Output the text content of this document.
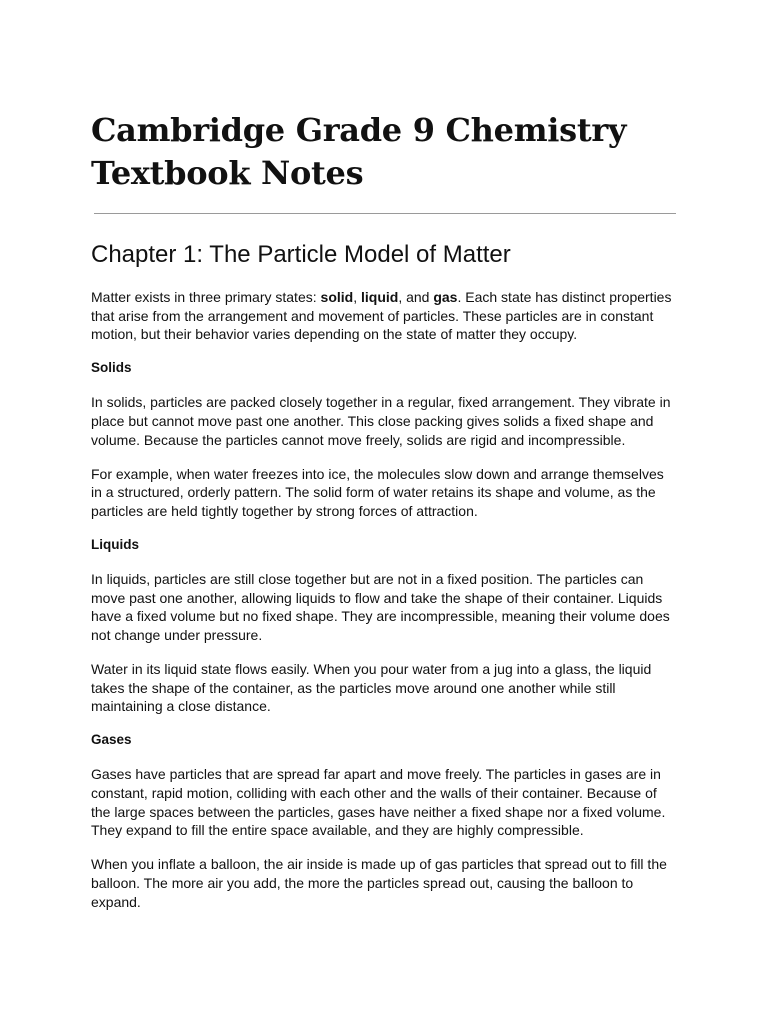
Cambridge Grade 9 Chemistry
Textbook Notes
Chapter 1: The Particle Model of Matter

Matter exists in three primary states: solid, liquid, and gas. Each state has distinct properties that arise from the arrangement and movement of particles. These particles are in constant motion, but their behavior varies depending on the state of matter they occupy.

Solids

In solids, particles are packed closely together in a regular, fixed arrangement. They vibrate in place but cannot move past one another. This close packing gives solids a fixed shape and volume. Because the particles cannot move freely, solids are rigid and incompressible.

For example, when water freezes into ice, the molecules slow down and arrange themselves in a structured, orderly pattern. The solid form of water retains its shape and volume, as the particles are held tightly together by strong forces of attraction.

Liquids

In liquids, particles are still close together but are not in a fixed position. The particles can move past one another, allowing liquids to flow and take the shape of their container. Liquids have a fixed volume but no fixed shape. They are incompressible, meaning their volume does not change under pressure.

Water in its liquid state flows easily. When you pour water from a jug into a glass, the liquid takes the shape of the container, as the particles move around one another while still maintaining a close distance.

Gases

Gases have particles that are spread far apart and move freely. The particles in gases are in constant, rapid motion, colliding with each other and the walls of their container. Because of the large spaces between the particles, gases have neither a fixed shape nor a fixed volume. They expand to fill the entire space available, and they are highly compressible.

When you inflate a balloon, the air inside is made up of gas particles that spread out to fill the balloon. The more air you add, the more the particles spread out, causing the balloon to expand.
